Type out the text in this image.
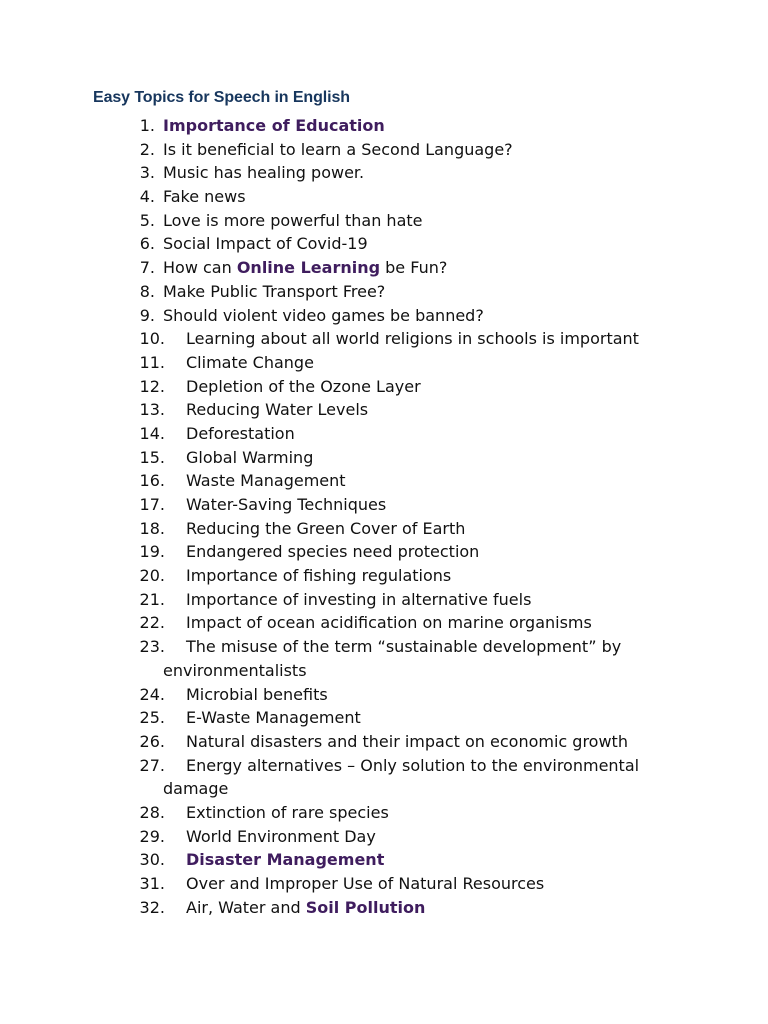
Easy Topics for Speech in English
1. Importance of Education
2. Is it beneficial to learn a Second Language?
3. Music has healing power.
4. Fake news
5. Love is more powerful than hate
6. Social Impact of Covid-19
7. How can Online Learning be Fun?
8. Make Public Transport Free?
9. Should violent video games be banned?
10. Learning about all world religions in schools is important
11. Climate Change
12. Depletion of the Ozone Layer
13. Reducing Water Levels
14. Deforestation
15. Global Warming
16. Waste Management
17. Water-Saving Techniques
18. Reducing the Green Cover of Earth
19. Endangered species need protection
20. Importance of fishing regulations
21. Importance of investing in alternative fuels
22. Impact of ocean acidification on marine organisms
23. The misuse of the term “sustainable development” by
environmentalists
24. Microbial benefits
25. E-Waste Management
26. Natural disasters and their impact on economic growth
27. Energy alternatives – Only solution to the environmental
damage
28. Extinction of rare species
29. World Environment Day
30. Disaster Management
31. Over and Improper Use of Natural Resources
32. Air, Water and Soil Pollution
